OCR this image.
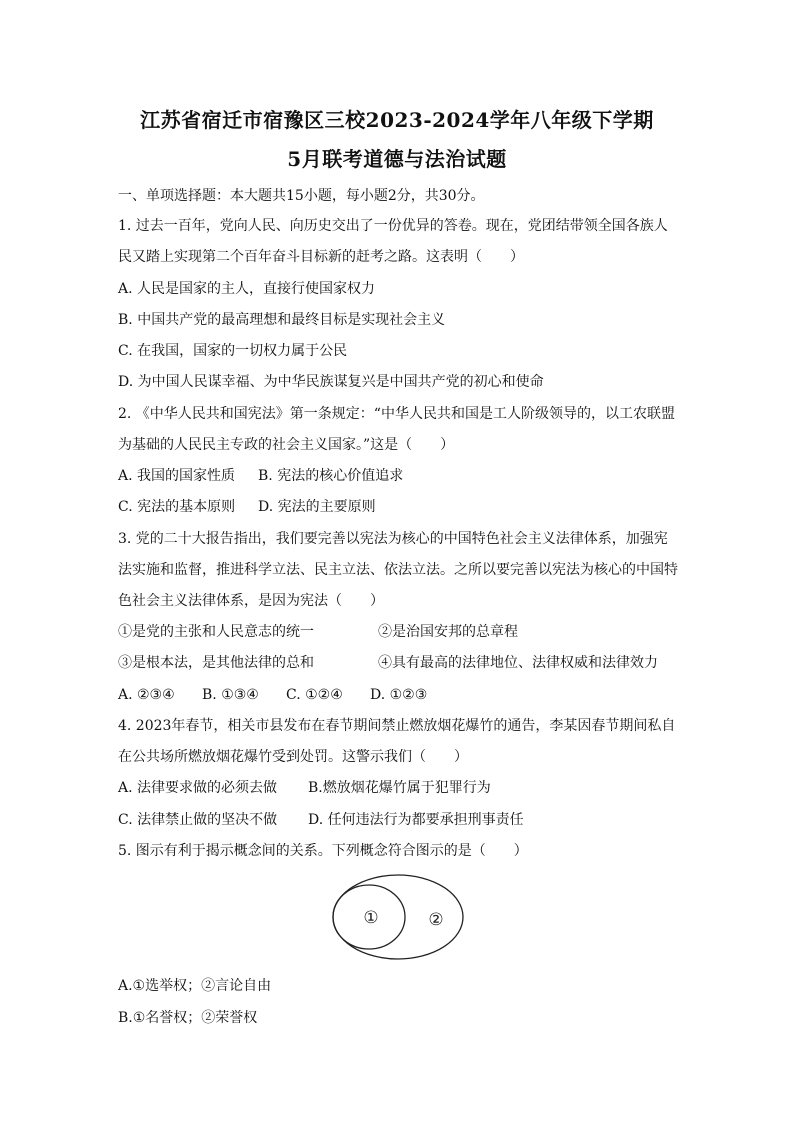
江苏省宿迁市宿豫区三校2023-2024学年八年级下学期
5月联考道德与法治试题
一、单项选择题：本大题共15小题，每小题2分，共30分。
1. 过去一百年，党向人民、向历史交出了一份优异的答卷。现在，党团结带领全国各族人
民又踏上实现第二个百年奋斗目标新的赶考之路。这表明（　　）
A. 人民是国家的主人，直接行使国家权力
B. 中国共产党的最高理想和最终目标是实现社会主义
C. 在我国，国家的一切权力属于公民
D. 为中国人民谋幸福、为中华民族谋复兴是中国共产党的初心和使命
2. 《中华人民共和国宪法》第一条规定：“中华人民共和国是工人阶级领导的，以工农联盟
为基础的人民民主专政的社会主义国家。”这是（　　）
A. 我国的国家性质 B. 宪法的核心价值追求
C. 宪法的基本原则 D. 宪法的主要原则
3. 党的二十大报告指出，我们要完善以宪法为核心的中国特色社会主义法律体系，加强宪
法实施和监督，推进科学立法、民主立法、依法立法。之所以要完善以宪法为核心的中国特
色社会主义法律体系，是因为宪法（　　）
①是党的主张和人民意志的统一	②是治国安邦的总章程
③是根本法，是其他法律的总和	④具有最高的法律地位、法律权威和法律效力
A. ②③④ B. ①③④ C. ①②④ D. ①②③
4. 2023年春节，相关市县发布在春节期间禁止燃放烟花爆竹的通告，李某因春节期间私自
在公共场所燃放烟花爆竹受到处罚。这警示我们（　　）
A. 法律要求做的必须去做 B.燃放烟花爆竹属于犯罪行为
C. 法律禁止做的坚决不做 D. 任何违法行为都要承担刑事责任
5. 图示有利于揭示概念间的关系。下列概念符合图示的是（　　）
①	②
A.①选举权；②言论自由
B.①名誉权；②荣誉权
